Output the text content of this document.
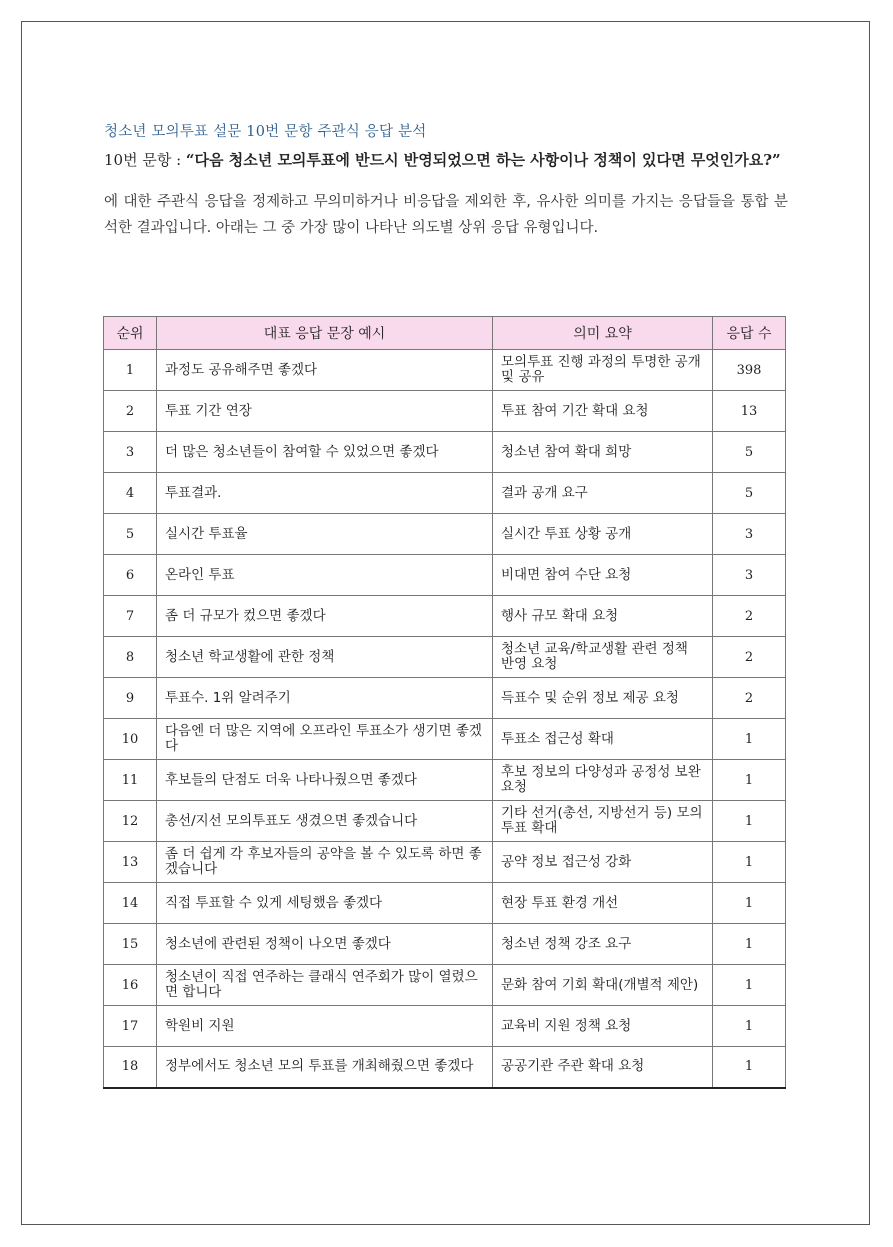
청소년 모의투표 설문 10번 문항 주관식 응답 분석

10번 문항 : “다음 청소년 모의투표에 반드시 반영되었으면 하는 사항이나 정책이 있다면 무엇인가요?”

에 대한 주관식 응답을 정제하고 무의미하거나 비응답을 제외한 후, 유사한 의미를 가지는 응답들을 통합 분석한 결과입니다. 아래는 그 중 가장 많이 나타난 의도별 상위 응답 유형입니다.

순위	대표 응답 문장 예시	의미 요약	응답 수
1	과정도 공유해주면 좋겠다	모의투표 진행 과정의 투명한 공개 및 공유	398
2	투표 기간 연장	투표 참여 기간 확대 요청	13
3	더 많은 청소년들이 참여할 수 있었으면 좋겠다	청소년 참여 확대 희망	5
4	투표결과.	결과 공개 요구	5
5	실시간 투표율	실시간 투표 상황 공개	3
6	온라인 투표	비대면 참여 수단 요청	3
7	좀 더 규모가 컸으면 좋겠다	행사 규모 확대 요청	2
8	청소년 학교생활에 관한 정책	청소년 교육/학교생활 관련 정책 반영 요청	2
9	투표수. 1위 알려주기	득표수 및 순위 정보 제공 요청	2
10	다음엔 더 많은 지역에 오프라인 투표소가 생기면 좋겠다	투표소 접근성 확대	1
11	후보들의 단점도 더욱 나타나줬으면 좋겠다	후보 정보의 다양성과 공정성 보완 요청	1
12	총선/지선 모의투표도 생겼으면 좋겠습니다	기타 선거(총선, 지방선거 등) 모의투표 확대	1
13	좀 더 쉽게 각 후보자들의 공약을 볼 수 있도록 하면 좋겠습니다	공약 정보 접근성 강화	1
14	직접 투표할 수 있게 세팅했음 좋겠다	현장 투표 환경 개선	1
15	청소년에 관련된 정책이 나오면 좋겠다	청소년 정책 강조 요구	1
16	청소년이 직접 연주하는 클래식 연주회가 많이 열렸으면 합니다	문화 참여 기회 확대(개별적 제안)	1
17	학원비 지원	교육비 지원 정책 요청	1
18	정부에서도 청소년 모의 투표를 개최해줬으면 좋겠다	공공기관 주관 확대 요청	1
